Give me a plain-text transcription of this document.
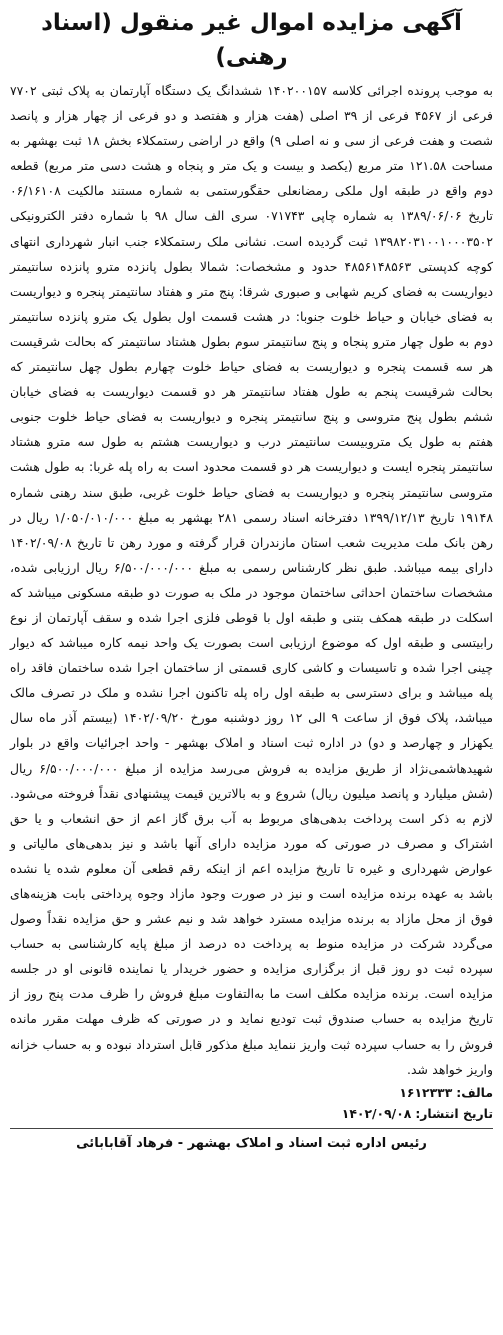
آگهی مزایده اموال غیر منقول (اسناد رهنی)

به موجب پرونده اجرائی کلاسه ۱۴۰۲۰۰۱۵۷ ششدانگ یک دستگاه آپارتمان به پلاک ثبتی ۷۷۰۲ فرعی از ۴۵۶۷ فرعی از ۳۹ اصلی (هفت هزار و هفتصد و دو فرعی از چهار هزار و پانصد شصت و هفت فرعی از سی و نه اصلی ۹) واقع در اراضی رستمکلاء بخش ۱۸ ثبت بهشهر به مساحت ۱۲۱.۵۸ متر مربع (یکصد و بیست و یک متر و پنجاه و هشت دسی متر مربع) قطعه دوم واقع در طبقه اول ملکی رمضانعلی حقگورستمی به شماره مستند مالکیت ۰۶/۱۶۱۰۸ تاریخ ۱۳۸۹/۰۶/۰۶ به شماره چاپی ۰۷۱۷۴۳ سری الف سال ۹۸ با شماره دفتر الکترونیکی ۱۳۹۸۲۰۳۱۰۰۱۰۰۰۳۵۰۲ ثبت گردیده است. نشانی ملک رستمکلاء جنب انبار شهرداری انتهای کوچه کدپستی ۴۸۵۶۱۴۸۵۶۳ حدود و مشخصات: شمالا بطول پانزده مترو پانزده سانتیمتر دیواریست به فضای کریم شهابی و صبوری شرقا: پنج متر و هفتاد سانتیمتر پنجره و دیواریست به فضای خیابان و حیاط خلوت جنوبا: در هشت قسمت اول بطول یک مترو پانزده سانتیمتر دوم به طول چهار مترو پنجاه و پنج سانتیمتر سوم بطول هشتاد سانتیمتر که بحالت شرقیست هر سه قسمت پنجره و دیواریست به فضای حیاط خلوت چهارم بطول چهل سانتیمتر که بحالت شرقیست پنجم به طول هفتاد سانتیمتر هر دو قسمت دیواریست به فضای خیابان ششم بطول پنج متروسی و پنج سانتیمتر پنجره و دیواریست به فضای حیاط خلوت جنوبی هفتم به طول یک متروبیست سانتیمتر درب و دیواریست هشتم به طول سه مترو هشتاد سانتیمتر پنجره ایست و دیواریست هر دو قسمت محدود است به راه پله غربا: به طول هشت متروسی سانتیمتر پنجره و دیواریست به فضای حیاط خلوت غربی، طبق سند رهنی شماره ۱۹۱۴۸ تاریخ ۱۳۹۹/۱۲/۱۳ دفترخانه اسناد رسمی ۲۸۱ بهشهر به مبلغ ۱/۰۵۰/۰۱۰/۰۰۰ ریال در رهن بانک ملت مدیریت شعب استان مازندران قرار گرفته و مورد رهن تا تاریخ ۱۴۰۲/۰۹/۰۸ دارای بیمه میباشد. طبق نظر کارشناس رسمی به مبلغ ۶/۵۰۰/۰۰۰/۰۰۰ ریال ارزیابی شده، مشخصات ساختمان احداثی ساختمان موجود در ملک به صورت دو طبقه مسکونی میباشد که اسکلت در طبقه همکف بتنی و طبقه اول با قوطی فلزی اجرا شده و سقف آپارتمان از نوع رابیتسی و طبقه اول که موضوع ارزیابی است بصورت یک واحد نیمه کاره میباشد که دیوار چینی اجرا شده و تاسیسات و کاشی کاری قسمتی از ساختمان اجرا شده ساختمان فاقد راه پله میباشد و برای دسترسی به طبقه اول راه پله تاکنون اجرا نشده و ملک در تصرف مالک میباشد، پلاک فوق از ساعت ۹ الی ۱۲ روز دوشنبه مورخ ۱۴۰۲/۰۹/۲۰ (بیستم آذر ماه سال یکهزار و چهارصد و دو) در اداره ثبت اسناد و املاک بهشهر - واحد اجرائیات واقع در بلوار شهیدهاشمی‌نژاد از طریق مزایده به فروش می‌رسد مزایده از مبلغ ۶/۵۰۰/۰۰۰/۰۰۰ ریال (شش میلیارد و پانصد میلیون ریال) شروع و به بالاترین قیمت پیشنهادی نقداً فروخته می‌شود. لازم به ذکر است پرداخت بدهی‌های مربوط به آب برق گاز اعم از حق انشعاب و یا حق اشتراک و مصرف در صورتی که مورد مزایده دارای آنها باشد و نیز بدهی‌های مالیاتی و عوارض شهرداری و غیره تا تاریخ مزایده اعم از اینکه رقم قطعی آن معلوم شده یا نشده باشد به عهده برنده مزایده است و نیز در صورت وجود مازاد وجوه پرداختی بابت هزینه‌های فوق از محل مازاد به برنده مزایده مسترد خواهد شد و نیم عشر و حق مزایده نقداً وصول می‌گردد شرکت در مزایده منوط به پرداخت ده درصد از مبلغ پایه کارشناسی به حساب سپرده ثبت دو روز قبل از برگزاری مزایده و حضور خریدار یا نماینده قانونی او در جلسه مزایده است. برنده مزایده مکلف است ما به‌التفاوت مبلغ فروش را ظرف مدت پنج روز از تاریخ مزایده به حساب صندوق ثبت تودیع نماید و در صورتی که ظرف مهلت مقرر مانده فروش را به حساب سپرده ثبت واریز ننماید مبلغ مذکور قابل استرداد نبوده و به حساب خزانه واریز خواهد شد.

مالف:
۱۶۱۲۳۳۳
تاریخ انتشار:
۱۴۰۲/۰۹/۰۸

رئیس اداره ثبت اسناد و املاک بهشهر - فرهاد آقابابائی
